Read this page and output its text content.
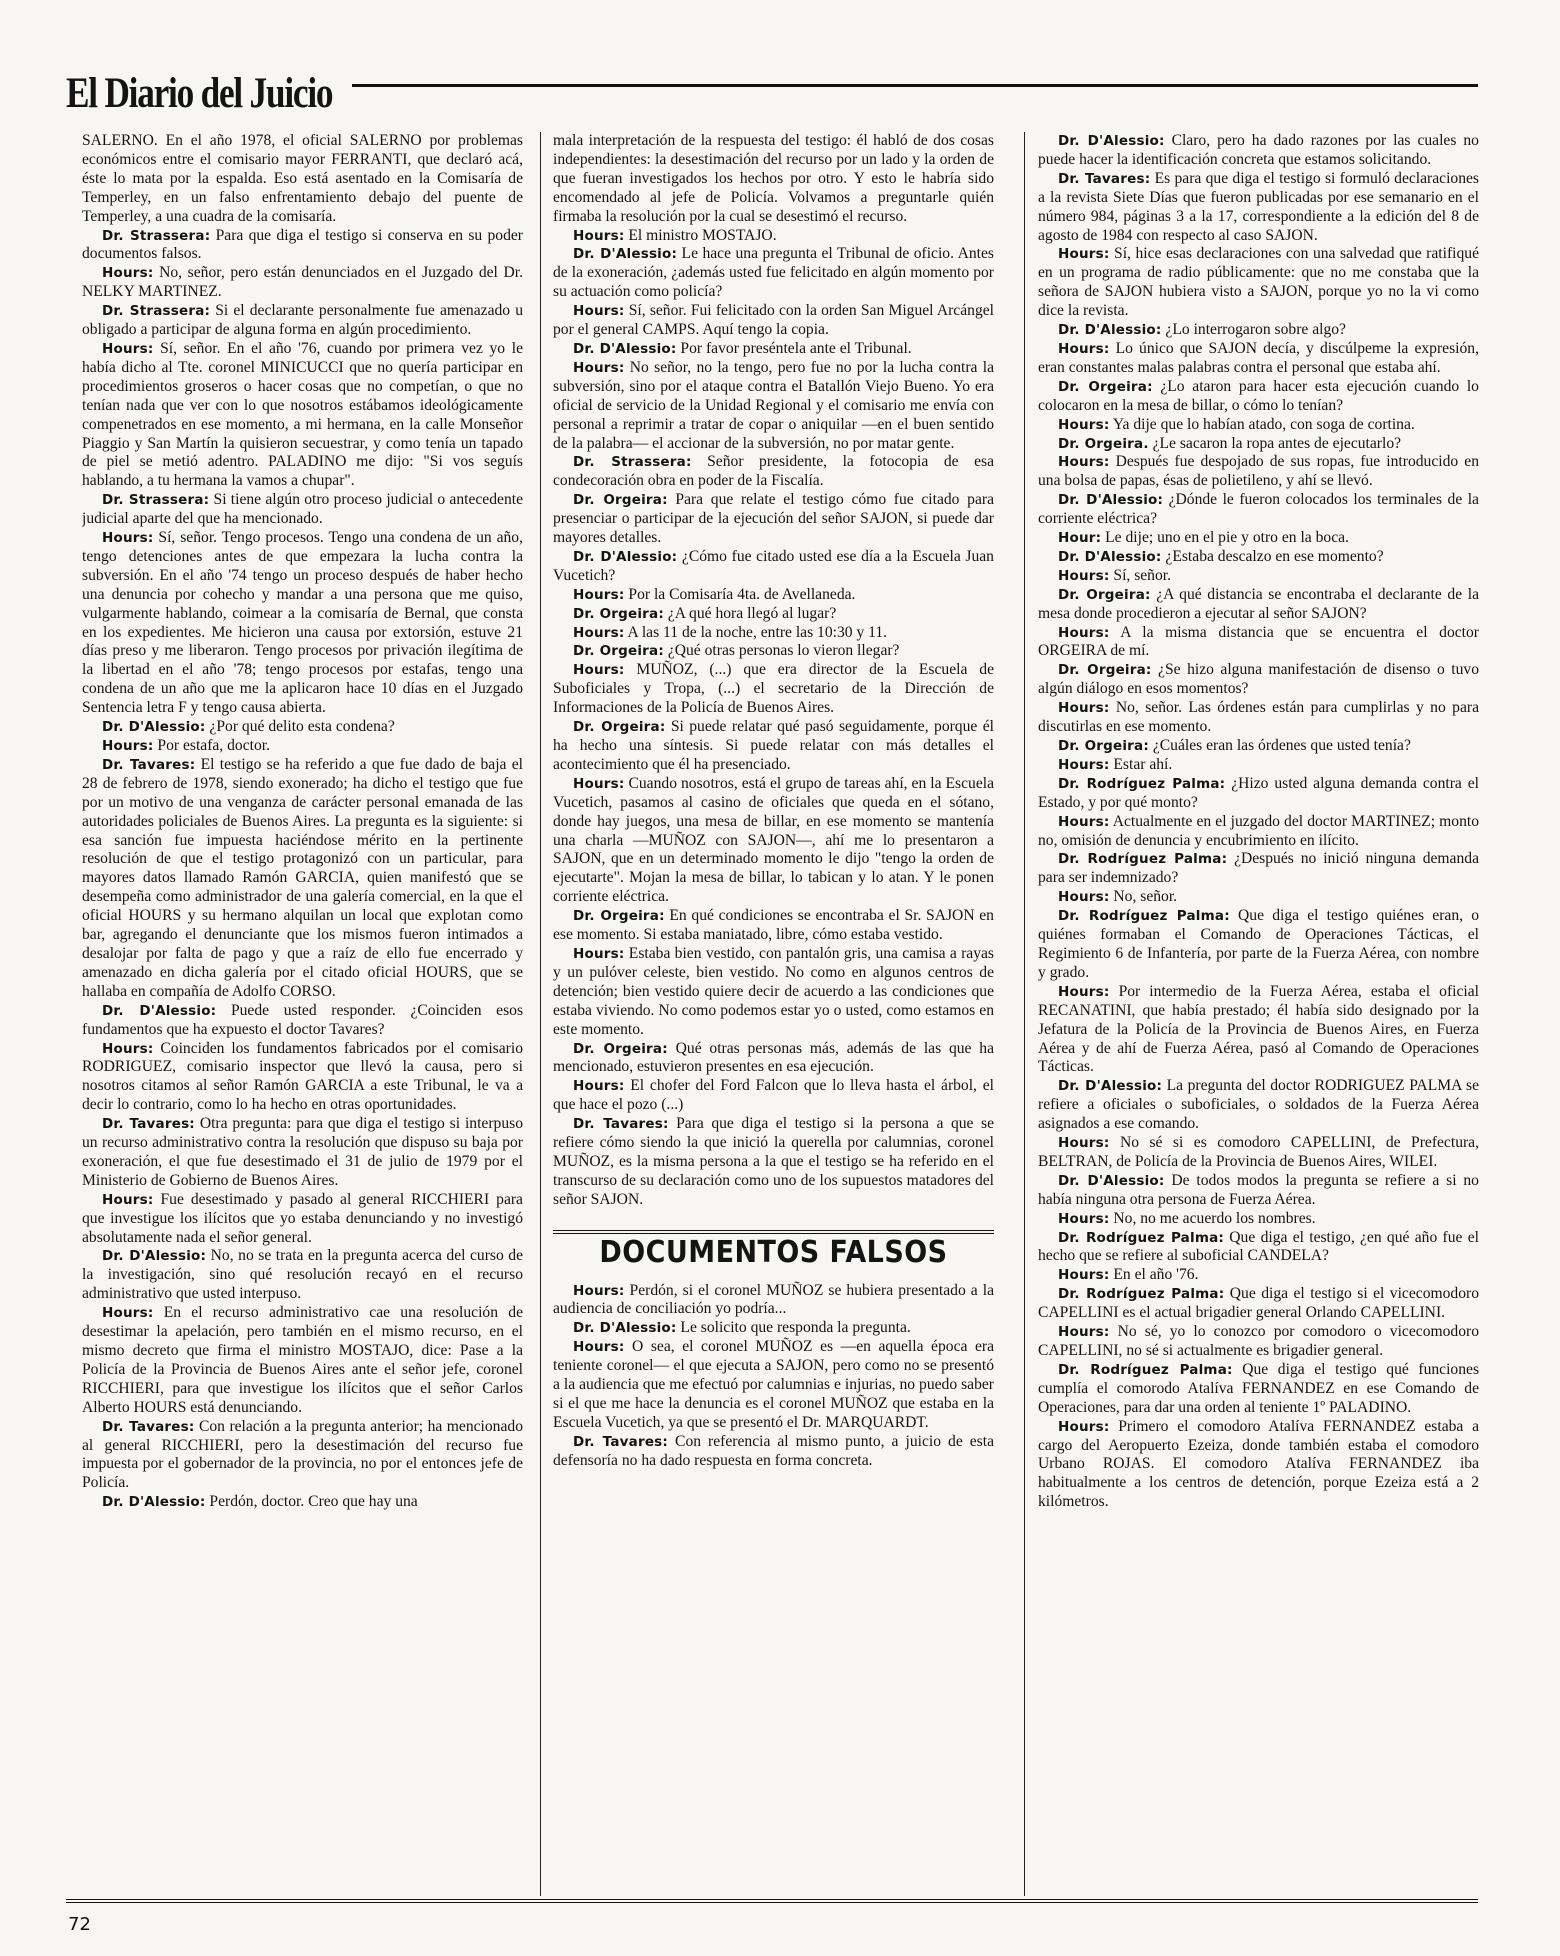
El Diario del Juicio

SALERNO. En el año 1978, el oficial SALERNO por problemas económicos entre el comisario mayor FERRANTI, que declaró acá, éste lo mata por la espalda. Eso está asentado en la Comisaría de Temperley, en un falso enfrentamiento debajo del puente de Temperley, a una cuadra de la comisaría.

Dr. Strassera: Para que diga el testigo si conserva en su poder documentos falsos.

Hours: No, señor, pero están denunciados en el Juzgado del Dr. NELKY MARTINEZ.

Dr. Strassera: Si el declarante personalmente fue amenazado u obligado a participar de alguna forma en algún procedimiento.

Hours: Sí, señor. En el año '76, cuando por primera vez yo le había dicho al Tte. coronel MINICUCCI que no quería participar en procedimientos groseros o hacer cosas que no competían, o que no tenían nada que ver con lo que nosotros estábamos ideológicamente compenetrados en ese momento, a mi hermana, en la calle Monseñor Piaggio y San Martín la quisieron secuestrar, y como tenía un tapado de piel se metió adentro. PALADINO me dijo: "Si vos seguís hablando, a tu hermana la vamos a chupar".

Dr. Strassera: Si tiene algún otro proceso judicial o antecedente judicial aparte del que ha mencionado.

Hours: Sí, señor. Tengo procesos. Tengo una condena de un año, tengo detenciones antes de que empezara la lucha contra la subversión. En el año '74 tengo un proceso después de haber hecho una denuncia por cohecho y mandar a una persona que me quiso, vulgarmente hablando, coimear a la comisaría de Bernal, que consta en los expedientes. Me hicieron una causa por extorsión, estuve 21 días preso y me liberaron. Tengo procesos por privación ilegítima de la libertad en el año '78; tengo procesos por estafas, tengo una condena de un año que me la aplicaron hace 10 días en el Juzgado Sentencia letra F y tengo causa abierta.

Dr. D'Alessio: ¿Por qué delito esta condena?

Hours: Por estafa, doctor.

Dr. Tavares: El testigo se ha referido a que fue dado de baja el 28 de febrero de 1978, siendo exonerado; ha dicho el testigo que fue por un motivo de una venganza de carácter personal emanada de las autoridades policiales de Buenos Aires. La pregunta es la siguiente: si esa sanción fue impuesta haciéndose mérito en la pertinente resolución de que el testigo protagonizó con un particular, para mayores datos llamado Ramón GARCIA, quien manifestó que se desempeña como administrador de una galería comercial, en la que el oficial HOURS y su hermano alquilan un local que explotan como bar, agregando el denunciante que los mismos fueron intimados a desalojar por falta de pago y que a raíz de ello fue encerrado y amenazado en dicha galería por el citado oficial HOURS, que se hallaba en compañía de Adolfo CORSO.

Dr. D'Alessio: Puede usted responder. ¿Coinciden esos fundamentos que ha expuesto el doctor Tavares?

Hours: Coinciden los fundamentos fabricados por el comisario RODRIGUEZ, comisario inspector que llevó la causa, pero si nosotros citamos al señor Ramón GARCIA a este Tribunal, le va a decir lo contrario, como lo ha hecho en otras oportunidades.

Dr. Tavares: Otra pregunta: para que diga el testigo si interpuso un recurso administrativo contra la resolución que dispuso su baja por exoneración, el que fue desestimado el 31 de julio de 1979 por el Ministerio de Gobierno de Buenos Aires.

Hours: Fue desestimado y pasado al general RICCHIERI para que investigue los ilícitos que yo estaba denunciando y no investigó absolutamente nada el señor general.

Dr. D'Alessio: No, no se trata en la pregunta acerca del curso de la investigación, sino qué resolución recayó en el recurso administrativo que usted interpuso.

Hours: En el recurso administrativo cae una resolución de desestimar la apelación, pero también en el mismo recurso, en el mismo decreto que firma el ministro MOSTAJO, dice: Pase a la Policía de la Provincia de Buenos Aires ante el señor jefe, coronel RICCHIERI, para que investigue los ilícitos que el señor Carlos Alberto HOURS está denunciando.

Dr. Tavares: Con relación a la pregunta anterior; ha mencionado al general RICCHIERI, pero la desestimación del recurso fue impuesta por el gobernador de la provincia, no por el entonces jefe de Policía.

Dr. D'Alessio: Perdón, doctor. Creo que hay una

mala interpretación de la respuesta del testigo: él habló de dos cosas independientes: la desestimación del recurso por un lado y la orden de que fueran investigados los hechos por otro. Y esto le habría sido encomendado al jefe de Policía. Volvamos a preguntarle quién firmaba la resolución por la cual se desestimó el recurso.

Hours: El ministro MOSTAJO.

Dr. D'Alessio: Le hace una pregunta el Tribunal de oficio. Antes de la exoneración, ¿además usted fue felicitado en algún momento por su actuación como policía?

Hours: Sí, señor. Fui felicitado con la orden San Miguel Arcángel por el general CAMPS. Aquí tengo la copia.

Dr. D'Alessio: Por favor preséntela ante el Tribunal.

Hours: No señor, no la tengo, pero fue no por la lucha contra la subversión, sino por el ataque contra el Batallón Viejo Bueno. Yo era oficial de servicio de la Unidad Regional y el comisario me envía con personal a reprimir a tratar de copar o aniquilar —en el buen sentido de la palabra— el accionar de la subversión, no por matar gente.

Dr. Strassera: Señor presidente, la fotocopia de esa condecoración obra en poder de la Fiscalía.

Dr. Orgeira: Para que relate el testigo cómo fue citado para presenciar o participar de la ejecución del señor SAJON, si puede dar mayores detalles.

Dr. D'Alessio: ¿Cómo fue citado usted ese día a la Escuela Juan Vucetich?

Hours: Por la Comisaría 4ta. de Avellaneda.

Dr. Orgeira: ¿A qué hora llegó al lugar?

Hours: A las 11 de la noche, entre las 10:30 y 11.

Dr. Orgeira: ¿Qué otras personas lo vieron llegar?

Hours: MUÑOZ, (...) que era director de la Escuela de Suboficiales y Tropa, (...) el secretario de la Dirección de Informaciones de la Policía de Buenos Aires.

Dr. Orgeira: Si puede relatar qué pasó seguidamente, porque él ha hecho una síntesis. Si puede relatar con más detalles el acontecimiento que él ha presenciado.

Hours: Cuando nosotros, está el grupo de tareas ahí, en la Escuela Vucetich, pasamos al casino de oficiales que queda en el sótano, donde hay juegos, una mesa de billar, en ese momento se mantenía una charla —MUÑOZ con SAJON—, ahí me lo presentaron a SAJON, que en un determinado momento le dijo "tengo la orden de ejecutarte". Mojan la mesa de billar, lo tabican y lo atan. Y le ponen corriente eléctrica.

Dr. Orgeira: En qué condiciones se encontraba el Sr. SAJON en ese momento. Si estaba maniatado, libre, cómo estaba vestido.

Hours: Estaba bien vestido, con pantalón gris, una camisa a rayas y un pulóver celeste, bien vestido. No como en algunos centros de detención; bien vestido quiere decir de acuerdo a las condiciones que estaba viviendo. No como podemos estar yo o usted, como estamos en este momento.

Dr. Orgeira: Qué otras personas más, además de las que ha mencionado, estuvieron presentes en esa ejecución.

Hours: El chofer del Ford Falcon que lo lleva hasta el árbol, el que hace el pozo (...)

Dr. Tavares: Para que diga el testigo si la persona a que se refiere cómo siendo la que inició la querella por calumnias, coronel MUÑOZ, es la misma persona a la que el testigo se ha referido en el transcurso de su declaración como uno de los supuestos matadores del señor SAJON.

DOCUMENTOS FALSOS

Hours: Perdón, si el coronel MUÑOZ se hubiera presentado a la audiencia de conciliación yo podría...

Dr. D'Alessio: Le solicito que responda la pregunta.

Hours: O sea, el coronel MUÑOZ es —en aquella época era teniente coronel— el que ejecuta a SAJON, pero como no se presentó a la audiencia que me efectuó por calumnias e injurias, no puedo saber si el que me hace la denuncia es el coronel MUÑOZ que estaba en la Escuela Vucetich, ya que se presentó el Dr. MARQUARDT.

Dr. Tavares: Con referencia al mismo punto, a juicio de esta defensoría no ha dado respuesta en forma concreta.

Dr. D'Alessio: Claro, pero ha dado razones por las cuales no puede hacer la identificación concreta que estamos solicitando.

Dr. Tavares: Es para que diga el testigo si formuló declaraciones a la revista Siete Días que fueron publicadas por ese semanario en el número 984, páginas 3 a la 17, correspondiente a la edición del 8 de agosto de 1984 con respecto al caso SAJON.

Hours: Sí, hice esas declaraciones con una salvedad que ratifiqué en un programa de radio públicamente: que no me constaba que la señora de SAJON hubiera visto a SAJON, porque yo no la vi como dice la revista.

Dr. D'Alessio: ¿Lo interrogaron sobre algo?

Hours: Lo único que SAJON decía, y discúlpeme la expresión, eran constantes malas palabras contra el personal que estaba ahí.

Dr. Orgeira: ¿Lo ataron para hacer esta ejecución cuando lo colocaron en la mesa de billar, o cómo lo tenían?

Hours: Ya dije que lo habían atado, con soga de cortina.

Dr. Orgeira. ¿Le sacaron la ropa antes de ejecutarlo?

Hours: Después fue despojado de sus ropas, fue introducido en una bolsa de papas, ésas de polietileno, y ahí se llevó.

Dr. D'Alessio: ¿Dónde le fueron colocados los terminales de la corriente eléctrica?

Hour: Le dije; uno en el pie y otro en la boca.

Dr. D'Alessio: ¿Estaba descalzo en ese momento?

Hours: Sí, señor.

Dr. Orgeira: ¿A qué distancia se encontraba el declarante de la mesa donde procedieron a ejecutar al señor SAJON?

Hours: A la misma distancia que se encuentra el doctor ORGEIRA de mí.

Dr. Orgeira: ¿Se hizo alguna manifestación de disenso o tuvo algún diálogo en esos momentos?

Hours: No, señor. Las órdenes están para cumplirlas y no para discutirlas en ese momento.

Dr. Orgeira: ¿Cuáles eran las órdenes que usted tenía?

Hours: Estar ahí.

Dr. Rodríguez Palma: ¿Hizo usted alguna demanda contra el Estado, y por qué monto?

Hours: Actualmente en el juzgado del doctor MARTINEZ; monto no, omisión de denuncia y encubrimiento en ilícito.

Dr. Rodríguez Palma: ¿Después no inició ninguna demanda para ser indemnizado?

Hours: No, señor.

Dr. Rodríguez Palma: Que diga el testigo quiénes eran, o quiénes formaban el Comando de Operaciones Tácticas, el Regimiento 6 de Infantería, por parte de la Fuerza Aérea, con nombre y grado.

Hours: Por intermedio de la Fuerza Aérea, estaba el oficial RECANATINI, que había prestado; él había sido designado por la Jefatura de la Policía de la Provincia de Buenos Aires, en Fuerza Aérea y de ahí de Fuerza Aérea, pasó al Comando de Operaciones Tácticas.

Dr. D'Alessio: La pregunta del doctor RODRIGUEZ PALMA se refiere a oficiales o suboficiales, o soldados de la Fuerza Aérea asignados a ese comando.

Hours: No sé si es comodoro CAPELLINI, de Prefectura, BELTRAN, de Policía de la Provincia de Buenos Aires, WILEI.

Dr. D'Alessio: De todos modos la pregunta se refiere a si no había ninguna otra persona de Fuerza Aérea.

Hours: No, no me acuerdo los nombres.

Dr. Rodríguez Palma: Que diga el testigo, ¿en qué año fue el hecho que se refiere al suboficial CANDELA?

Hours: En el año '76.

Dr. Rodríguez Palma: Que diga el testigo si el vicecomodoro CAPELLINI es el actual brigadier general Orlando CAPELLINI.

Hours: No sé, yo lo conozco por comodoro o vicecomodoro CAPELLINI, no sé si actualmente es brigadier general.

Dr. Rodríguez Palma: Que diga el testigo qué funciones cumplía el comorodo Atalíva FERNANDEZ en ese Comando de Operaciones, para dar una orden al teniente 1º PALADINO.

Hours: Primero el comodoro Atalíva FERNANDEZ estaba a cargo del Aeropuerto Ezeiza, donde también estaba el comodoro Urbano ROJAS. El comodoro Atalíva FERNANDEZ iba habitualmente a los centros de detención, porque Ezeiza está a 2 kilómetros.

72
